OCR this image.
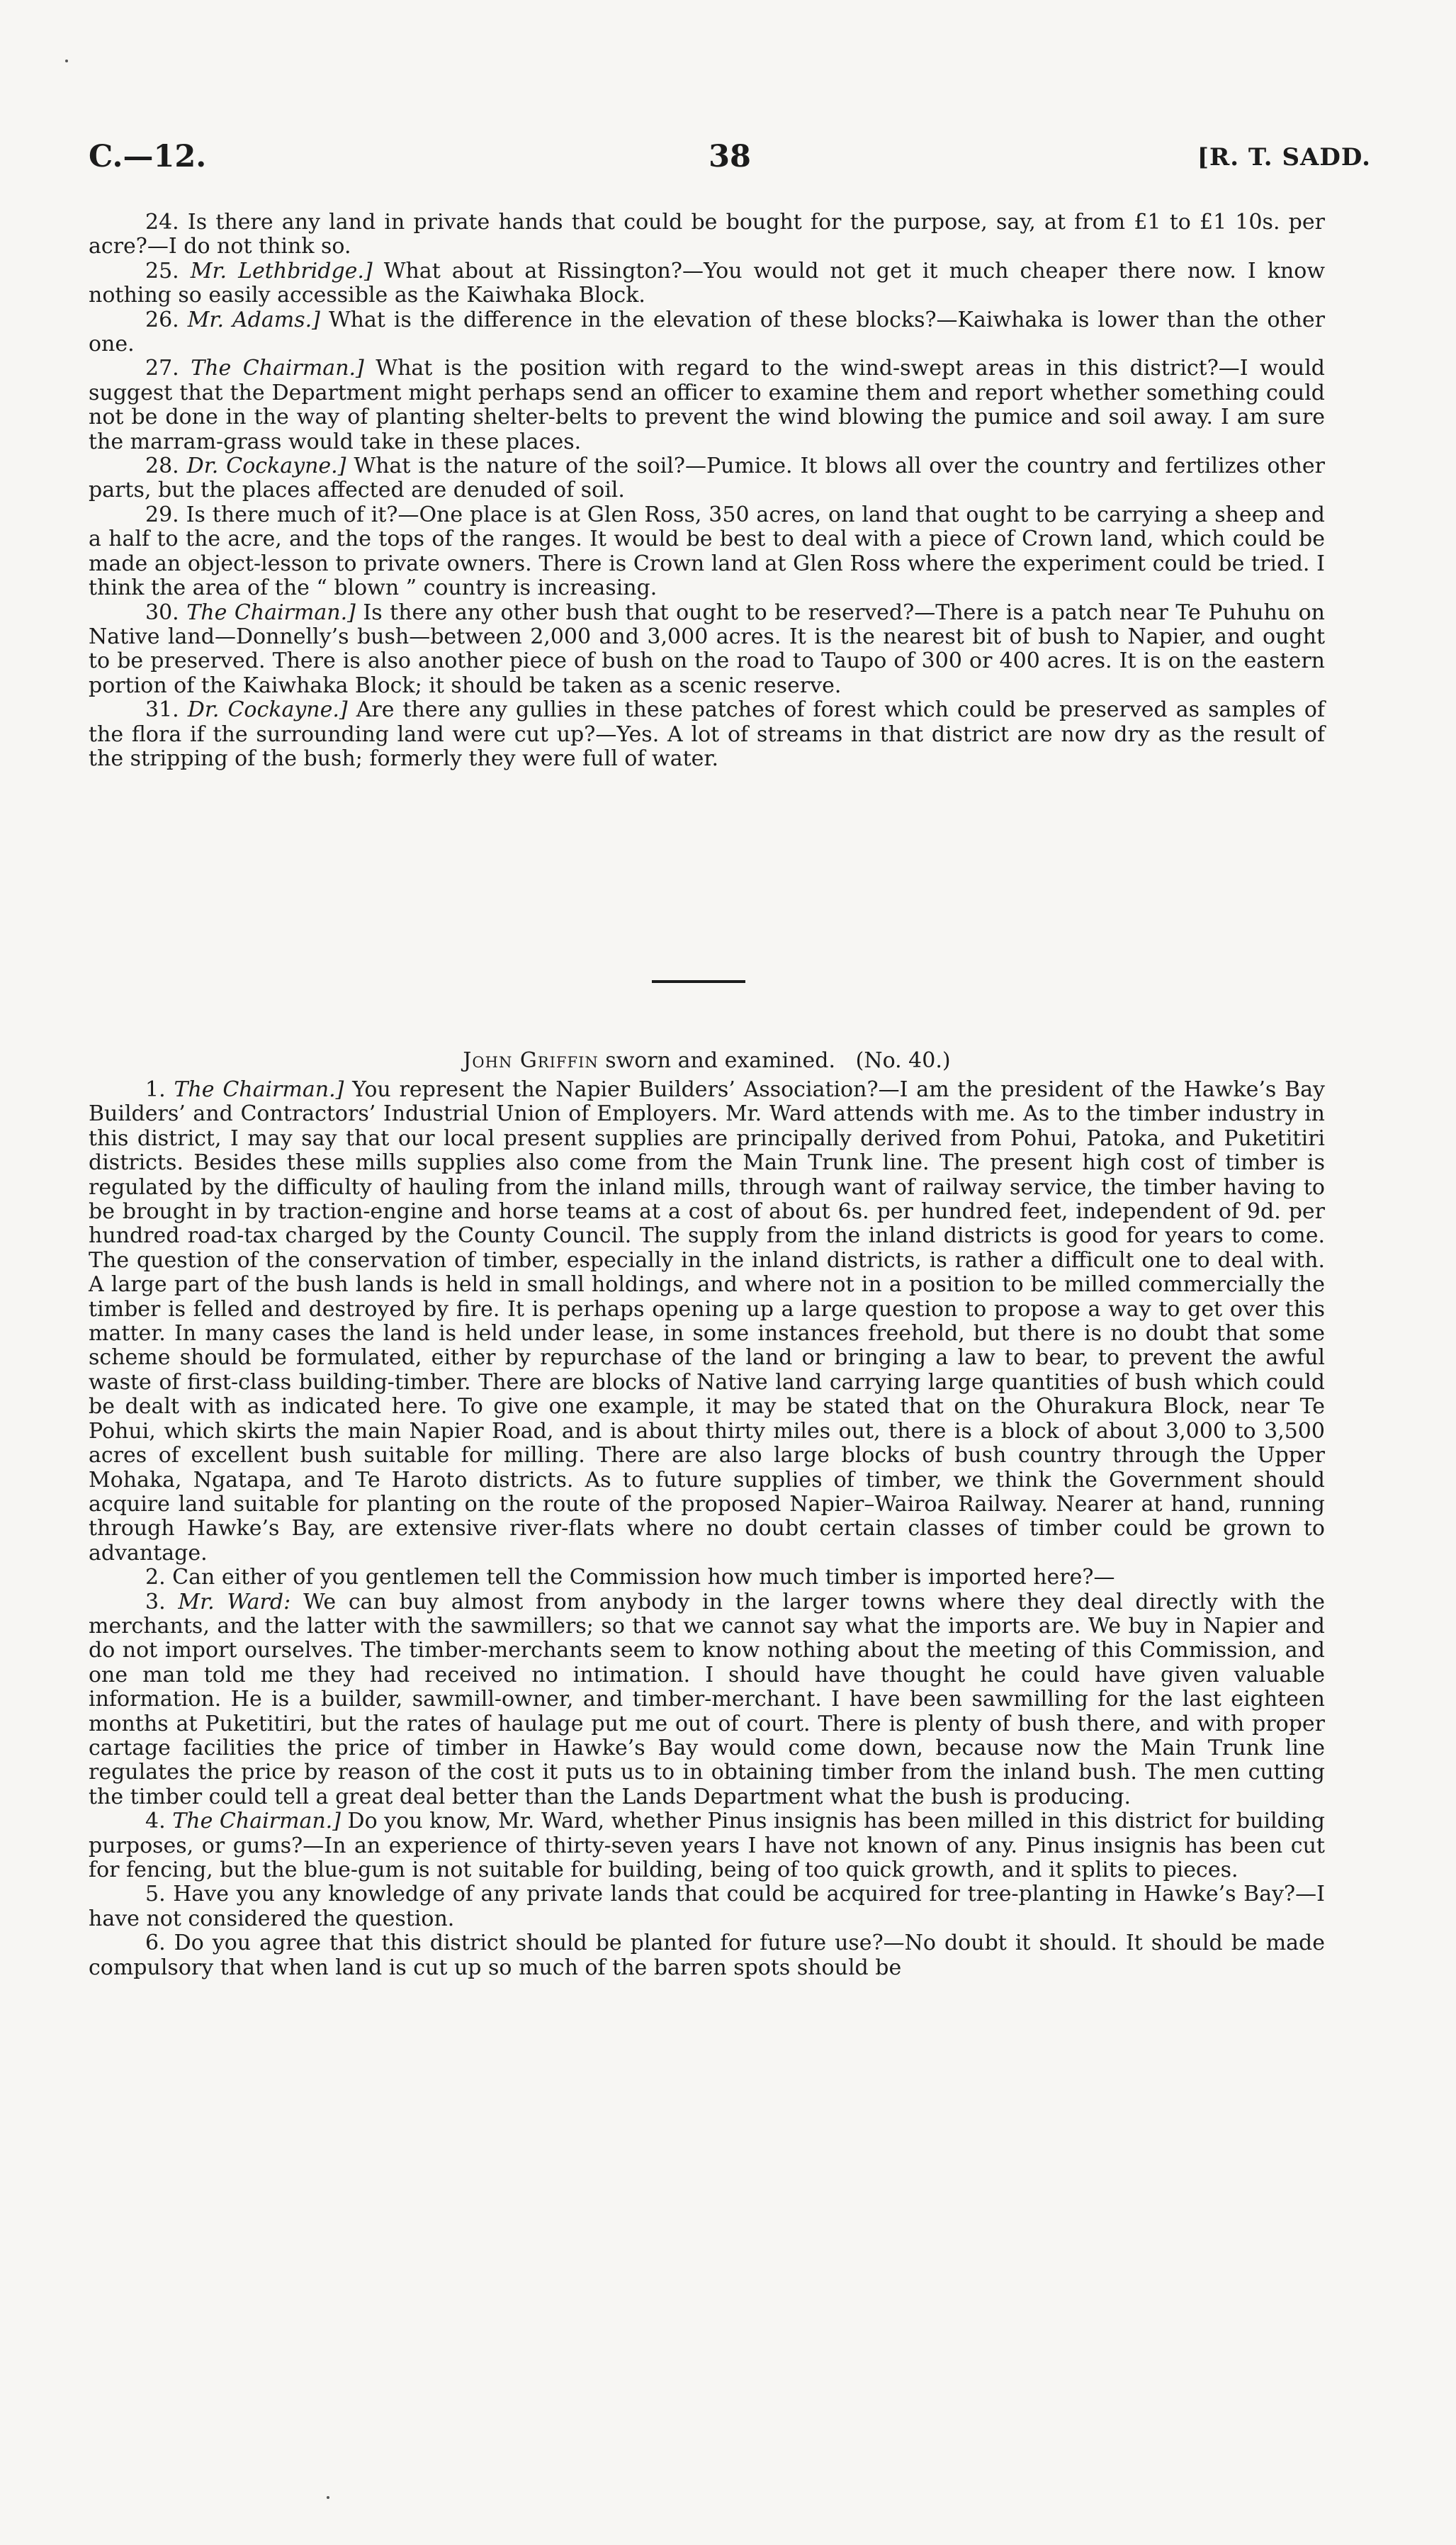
C.—12.	38	[R. T. SADD.

24. Is there any land in private hands that could be bought for the purpose, say, at from £1 to £1 10s. per acre?—I do not think so.

25. Mr. Lethbridge.] What about at Rissington?—You would not get it much cheaper there now. I know nothing so easily accessible as the Kaiwhaka Block.

26. Mr. Adams.] What is the difference in the elevation of these blocks?—Kaiwhaka is lower than the other one.

27. The Chairman.] What is the position with regard to the wind-swept areas in this district?—I would suggest that the Department might perhaps send an officer to examine them and report whether something could not be done in the way of planting shelter-belts to prevent the wind blowing the pumice and soil away. I am sure the marram-grass would take in these places.

28. Dr. Cockayne.] What is the nature of the soil?—Pumice. It blows all over the country and fertilizes other parts, but the places affected are denuded of soil.

29. Is there much of it?—One place is at Glen Ross, 350 acres, on land that ought to be carrying a sheep and a half to the acre, and the tops of the ranges. It would be best to deal with a piece of Crown land, which could be made an object-lesson to private owners. There is Crown land at Glen Ross where the experiment could be tried. I think the area of the “ blown ” country is increasing.

30. The Chairman.] Is there any other bush that ought to be reserved?—There is a patch near Te Puhuhu on Native land—Donnelly’s bush—between 2,000 and 3,000 acres. It is the nearest bit of bush to Napier, and ought to be preserved. There is also another piece of bush on the road to Taupo of 300 or 400 acres. It is on the eastern portion of the Kaiwhaka Block; it should be taken as a scenic reserve.

31. Dr. Cockayne.] Are there any gullies in these patches of forest which could be preserved as samples of the flora if the surrounding land were cut up?—Yes. A lot of streams in that district are now dry as the result of the stripping of the bush; formerly they were full of water.

John Griffin sworn and examined. (No. 40.)

1. The Chairman.] You represent the Napier Builders’ Association?—I am the president of the Hawke’s Bay Builders’ and Contractors’ Industrial Union of Employers. Mr. Ward attends with me. As to the timber industry in this district, I may say that our local present supplies are principally derived from Pohui, Patoka, and Puketitiri districts. Besides these mills supplies also come from the Main Trunk line. The present high cost of timber is regulated by the difficulty of hauling from the inland mills, through want of railway service, the timber having to be brought in by traction-engine and horse teams at a cost of about 6s. per hundred feet, independent of 9d. per hundred road-tax charged by the County Council. The supply from the inland districts is good for years to come. The question of the conservation of timber, especially in the inland districts, is rather a difficult one to deal with. A large part of the bush lands is held in small holdings, and where not in a position to be milled commercially the timber is felled and destroyed by fire. It is perhaps opening up a large question to propose a way to get over this matter. In many cases the land is held under lease, in some instances freehold, but there is no doubt that some scheme should be formulated, either by repurchase of the land or bringing a law to bear, to prevent the awful waste of first-class building-timber. There are blocks of Native land carrying large quantities of bush which could be dealt with as indicated here. To give one example, it may be stated that on the Ohurakura Block, near Te Pohui, which skirts the main Napier Road, and is about thirty miles out, there is a block of about 3,000 to 3,500 acres of excellent bush suitable for milling. There are also large blocks of bush country through the Upper Mohaka, Ngatapa, and Te Haroto districts. As to future supplies of timber, we think the Government should acquire land suitable for planting on the route of the proposed Napier–Wairoa Railway. Nearer at hand, running through Hawke’s Bay, are extensive river-flats where no doubt certain classes of timber could be grown to advantage.

2. Can either of you gentlemen tell the Commission how much timber is imported here?—

3. Mr. Ward: We can buy almost from anybody in the larger towns where they deal directly with the merchants, and the latter with the sawmillers; so that we cannot say what the imports are. We buy in Napier and do not import ourselves. The timber-merchants seem to know nothing about the meeting of this Commission, and one man told me they had received no intimation. I should have thought he could have given valuable information. He is a builder, sawmill-owner, and timber-merchant. I have been sawmilling for the last eighteen months at Puketitiri, but the rates of haulage put me out of court. There is plenty of bush there, and with proper cartage facilities the price of timber in Hawke’s Bay would come down, because now the Main Trunk line regulates the price by reason of the cost it puts us to in obtaining timber from the inland bush. The men cutting the timber could tell a great deal better than the Lands Department what the bush is producing.

4. The Chairman.] Do you know, Mr. Ward, whether Pinus insignis has been milled in this district for building purposes, or gums?—In an experience of thirty-seven years I have not known of any. Pinus insignis has been cut for fencing, but the blue-gum is not suitable for building, being of too quick growth, and it splits to pieces.

5. Have you any knowledge of any private lands that could be acquired for tree-planting in Hawke’s Bay?—I have not considered the question.

6. Do you agree that this district should be planted for future use?—No doubt it should. It should be made compulsory that when land is cut up so much of the barren spots should be
